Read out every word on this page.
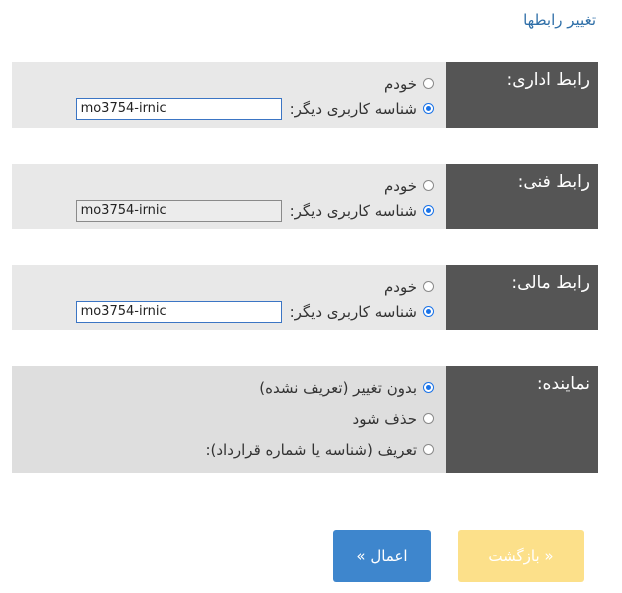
تغییر رابطها
رابط اداری:
خودم
شناسه کاربری دیگر:
mo3754-irnic
رابط فنی:
خودم
شناسه کاربری دیگر:
mo3754-irnic
رابط مالی:
خودم
شناسه کاربری دیگر:
mo3754-irnic
نماینده:
بدون تغییر (تعریف نشده)
حذف شود
تعریف (شناسه یا شماره قرارداد):
« بازگشت
اعمال »
